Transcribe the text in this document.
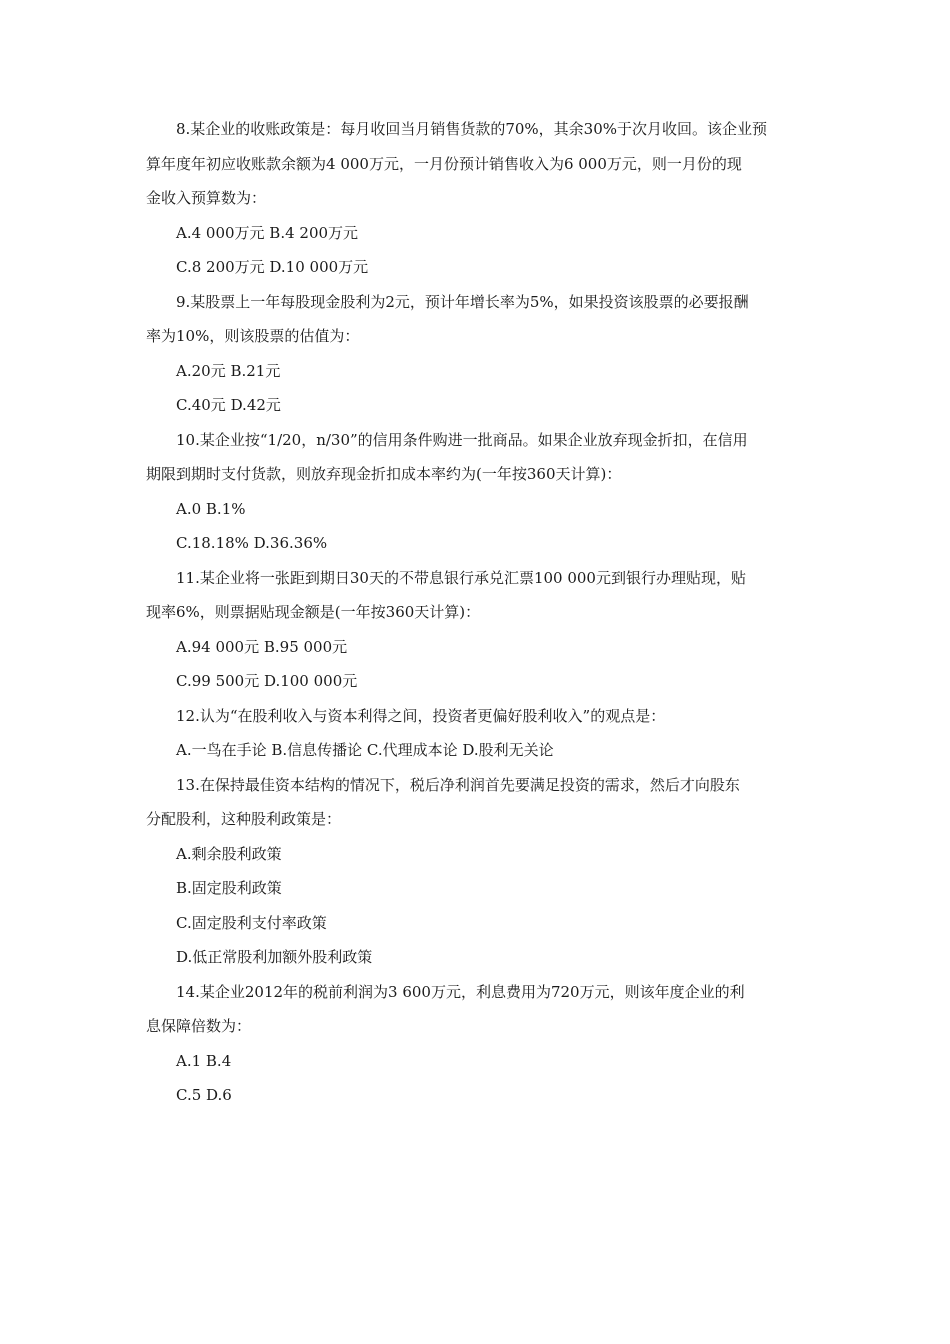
8.某企业的收账政策是：每月收回当月销售货款的70%，其余30%于次月收回。该企业预
算年度年初应收账款余额为4 000万元，一月份预计销售收入为6 000万元，则一月份的现
金收入预算数为：
A.4 000万元 B.4 200万元
C.8 200万元 D.10 000万元
9.某股票上一年每股现金股利为2元，预计年增长率为5%，如果投资该股票的必要报酬
率为10%，则该股票的估值为：
A.20元 B.21元
C.40元 D.42元
10.某企业按“1/20，n/30”的信用条件购进一批商品。如果企业放弃现金折扣，在信用
期限到期时支付货款，则放弃现金折扣成本率约为(一年按360天计算)：
A.0 B.1%
C.18.18% D.36.36%
11.某企业将一张距到期日30天的不带息银行承兑汇票100 000元到银行办理贴现，贴
现率6%，则票据贴现金额是(一年按360天计算)：
A.94 000元 B.95 000元
C.99 500元 D.100 000元
12.认为“在股利收入与资本利得之间，投资者更偏好股利收入”的观点是：
A.一鸟在手论 B.信息传播论 C.代理成本论 D.股利无关论
13.在保持最佳资本结构的情况下，税后净利润首先要满足投资的需求，然后才向股东
分配股利，这种股利政策是：
A.剩余股利政策
B.固定股利政策
C.固定股利支付率政策
D.低正常股利加额外股利政策
14.某企业2012年的税前利润为3 600万元，利息费用为720万元，则该年度企业的利
息保障倍数为：
A.1 B.4
C.5 D.6
